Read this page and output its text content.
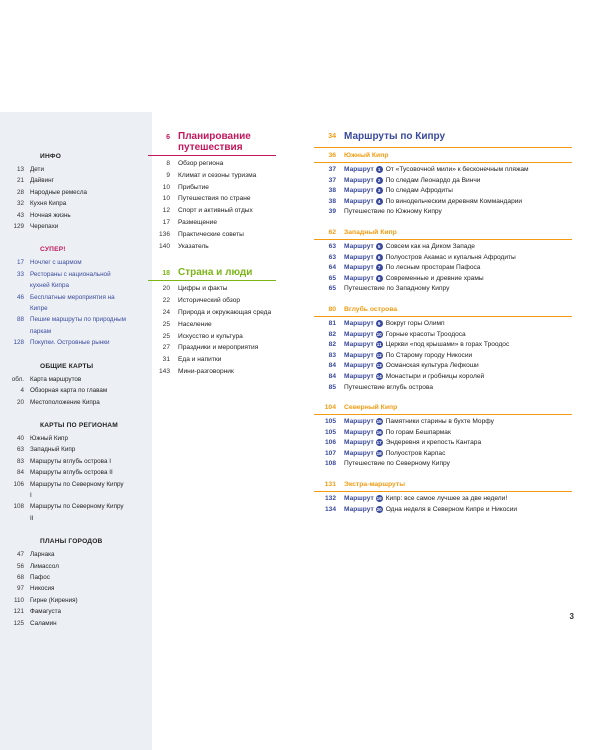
ИНФО
13 Дети
21 Дайвинг
28 Народные ремесла
32 Кухня Кипра
43 Ночная жизнь
129 Черепахи
СУПЕР!
17 Ночлег с шармом
33 Рестораны с национальной кухней Кипра
46 Бесплатные мероприятия на Кипре
88 Пешие маршруты по природным паркам
128 Покупки. Островные рынки
ОБЩИЕ КАРТЫ
обл. Карта маршрутов
4 Обзорная карта по главам
20 Местоположение Кипра
КАРТЫ ПО РЕГИОНАМ
40 Южный Кипр
63 Западный Кипр
83 Маршруты вглубь острова I
84 Маршруты вглубь острова II
106 Маршруты по Северному Кипру I
108 Маршруты по Северному Кипру II
ПЛАНЫ ГОРОДОВ
47 Ларнака
56 Лимассол
68 Пафос
97 Никосия
110 Гирне (Кирения)
121 Фамагуста
125 Саламин
6 Планирование путешествия
8	Обзор региона
9	Климат и сезоны туризма
10	Прибытие
10	Путешествия по стране
12	Спорт и активный отдых
17	Размещение
136	Практические советы
140	Указатель
18 Страна и люди
20	Цифры и факты
22	Исторический обзор
24	Природа и окружающая среда
25	Население
25	Искусство и культура
27	Праздники и мероприятия
31	Еда и напитки
143	Мини-разговорник
34 Маршруты по Кипру
36	Южный Кипр
37	Маршрут 1 От «Тусовочной мили» к бесконечным пляжам
37	Маршрут 2 По следам Леонардо да Винчи
38	Маршрут 3 По следам Афродиты
38	Маршрут 4 По винодельческим деревням Коммандарии
39	Путешествие по Южному Кипру
62	Западный Кипр
63	Маршрут 5 Совсем как на Диком Западе
63	Маршрут 6 Полуостров Акамас и купальня Афродиты
64	Маршрут 7 По лесным просторам Пафоса
65	Маршрут 8 Современные и древние храмы
65	Путешествие по Западному Кипру
80	Вглубь острова
81	Маршрут 9 Вокруг горы Олимп
82	Маршрут 10 Горные красоты Троодоса
82	Маршрут 11 Церкви «под крышами» в горах Троодос
83	Маршрут 12 По Старому городу Никосии
84	Маршрут 13 Османская культура Лефкоши
84	Маршрут 14 Монастыри и гробницы королей
85	Путешествие вглубь острова
104	Северный Кипр
105	Маршрут 15 Памятники старины в бухте Морфу
105	Маршрут 16 По горам Бешпармак
106	Маршрут 17 Эндеревня и крепость Кантара
107	Маршрут 18 Полуостров Карпас
108	Путешествие по Северному Кипру
131	Экстра-маршруты
132	Маршрут 19 Кипр: все самое лучшее за две недели!
134	Маршрут 20 Одна неделя в Северном Кипре и Никосии
3
